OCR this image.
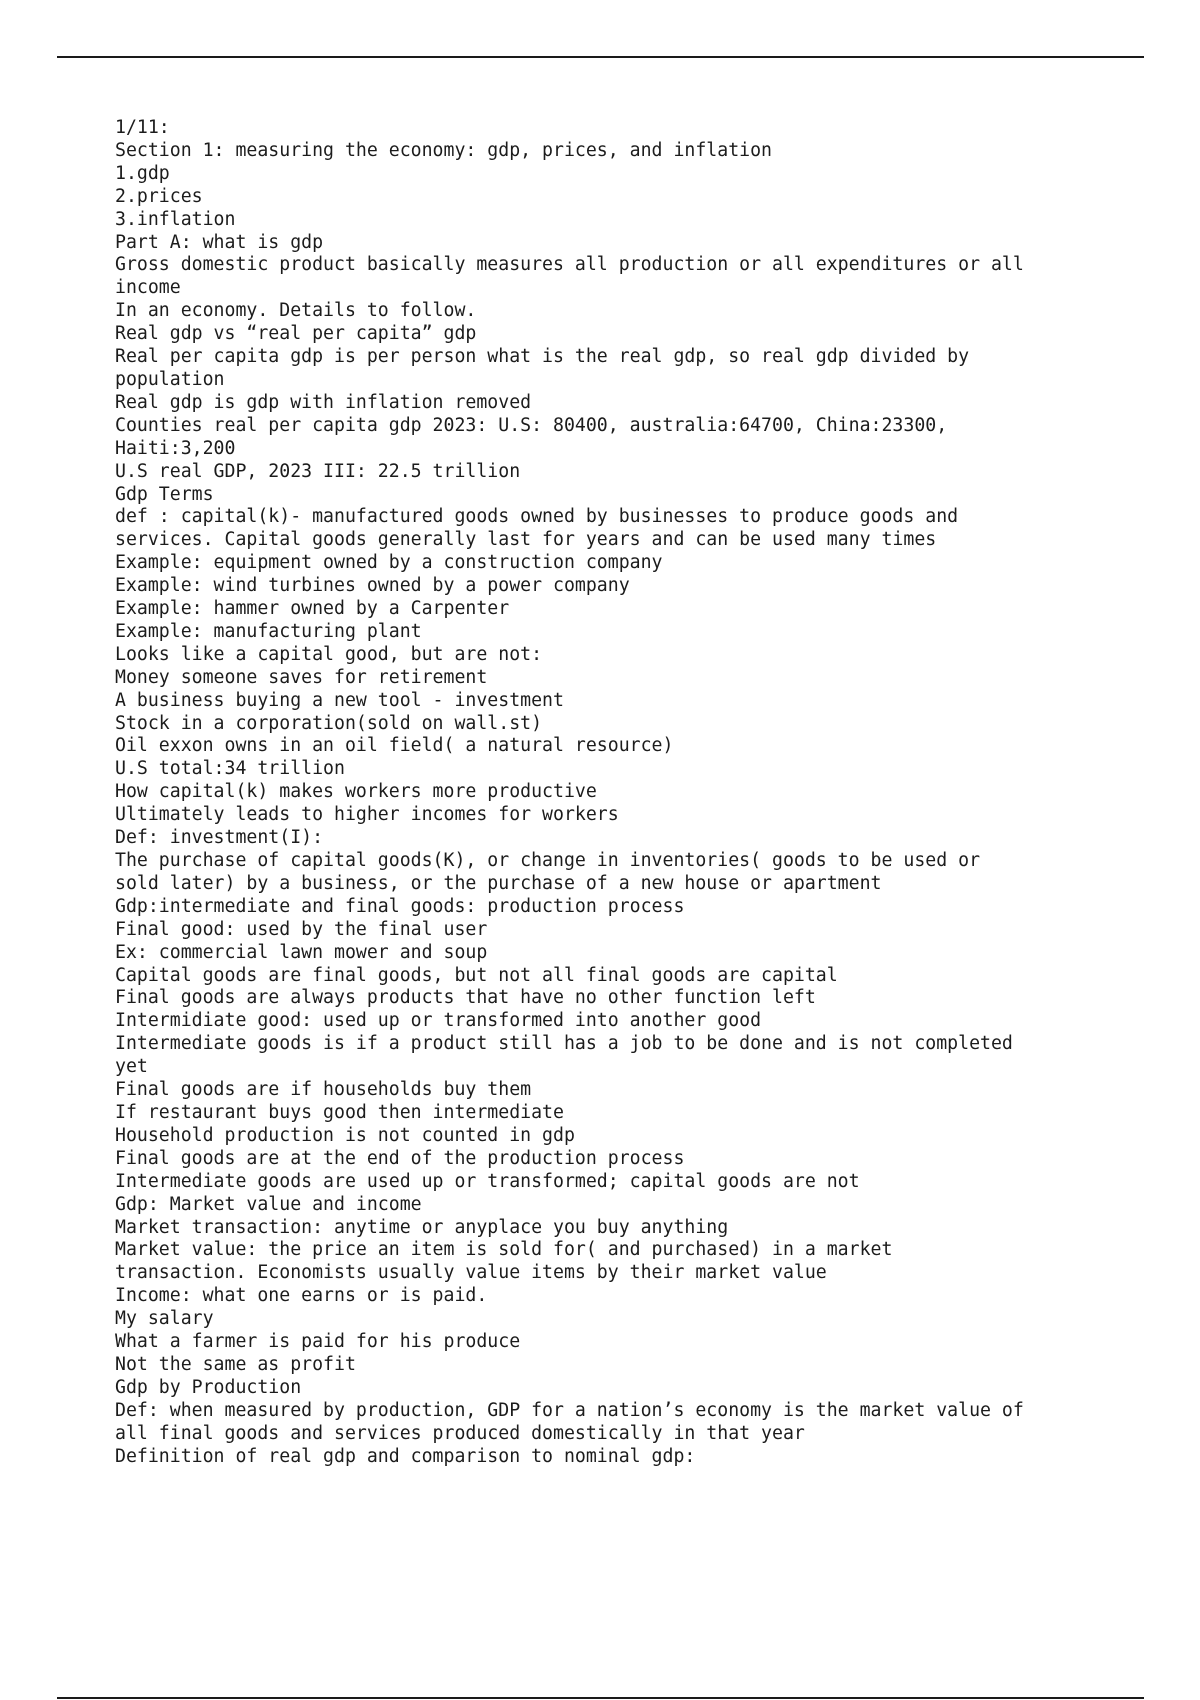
1/11:
Section 1: measuring the economy: gdp, prices, and inflation
1.gdp
2.prices
3.inflation
Part A: what is gdp
Gross domestic product basically measures all production or all expenditures or all
income
In an economy. Details to follow.
Real gdp vs “real per capita” gdp
Real per capita gdp is per person what is the real gdp, so real gdp divided by
population
Real gdp is gdp with inflation removed
Counties real per capita gdp 2023: U.S: 80400, australia:64700, China:23300,
Haiti:3,200
U.S real GDP, 2023 III: 22.5 trillion
Gdp Terms
def : capital(k)- manufactured goods owned by businesses to produce goods and
services. Capital goods generally last for years and can be used many times
Example: equipment owned by a construction company
Example: wind turbines owned by a power company
Example: hammer owned by a Carpenter
Example: manufacturing plant
Looks like a capital good, but are not:
Money someone saves for retirement
A business buying a new tool - investment
Stock in a corporation(sold on wall.st)
Oil exxon owns in an oil field( a natural resource)
U.S total:34 trillion
How capital(k) makes workers more productive
Ultimately leads to higher incomes for workers
Def: investment(I):
The purchase of capital goods(K), or change in inventories( goods to be used or
sold later) by a business, or the purchase of a new house or apartment
Gdp:intermediate and final goods: production process
Final good: used by the final user
Ex: commercial lawn mower and soup
Capital goods are final goods, but not all final goods are capital
Final goods are always products that have no other function left
Intermidiate good: used up or transformed into another good
Intermediate goods is if a product still has a job to be done and is not completed
yet
Final goods are if households buy them
If restaurant buys good then intermediate
Household production is not counted in gdp
Final goods are at the end of the production process
Intermediate goods are used up or transformed; capital goods are not
Gdp: Market value and income
Market transaction: anytime or anyplace you buy anything
Market value: the price an item is sold for( and purchased) in a market
transaction. Economists usually value items by their market value
Income: what one earns or is paid.
My salary
What a farmer is paid for his produce
Not the same as profit
Gdp by Production
Def: when measured by production, GDP for a nation’s economy is the market value of
all final goods and services produced domestically in that year
Definition of real gdp and comparison to nominal gdp:
